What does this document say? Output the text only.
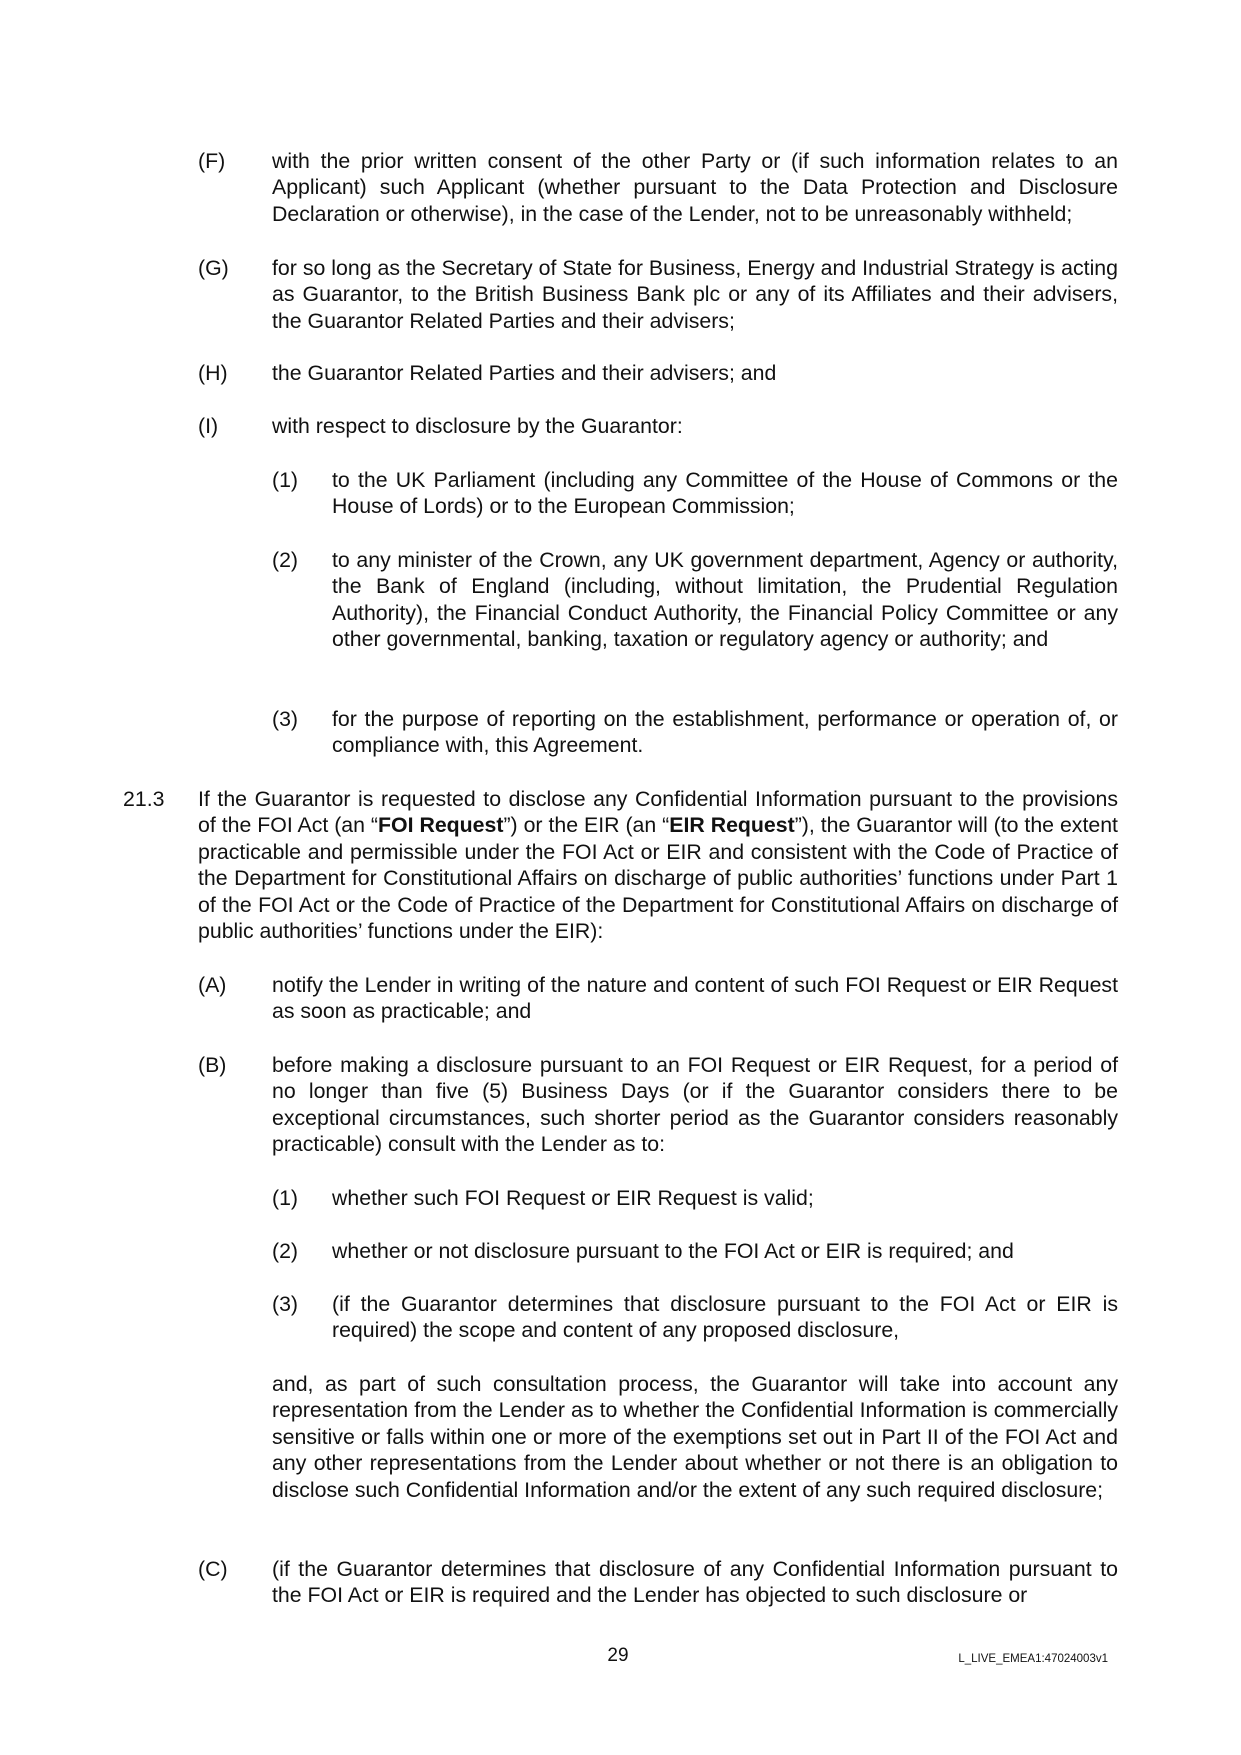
(F) with the prior written consent of the other Party or (if such information relates to an Applicant) such Applicant (whether pursuant to the Data Protection and Disclosure Declaration or otherwise), in the case of the Lender, not to be unreasonably withheld;
(G) for so long as the Secretary of State for Business, Energy and Industrial Strategy is acting as Guarantor, to the British Business Bank plc or any of its Affiliates and their advisers, the Guarantor Related Parties and their advisers;
(H) the Guarantor Related Parties and their advisers; and
(I)	with respect to disclosure by the Guarantor:
(1) to the UK Parliament (including any Committee of the House of Commons or the House of Lords) or to the European Commission;
(2) to any minister of the Crown, any UK government department, Agency or authority, the Bank of England (including, without limitation, the Prudential Regulation Authority), the Financial Conduct Authority, the Financial Policy Committee or any other governmental, banking, taxation or regulatory agency or authority; and
(3) for the purpose of reporting on the establishment, performance or operation of, or compliance with, this Agreement.
21.3 If the Guarantor is requested to disclose any Confidential Information pursuant to the provisions of the FOI Act (an “FOI Request”) or the EIR (an “EIR Request”), the Guarantor will (to the extent practicable and permissible under the FOI Act or EIR and consistent with the Code of Practice of the Department for Constitutional Affairs on discharge of public authorities’ functions under Part 1 of the FOI Act or the Code of Practice of the Department for Constitutional Affairs on discharge of public authorities’ functions under the EIR):
(A) notify the Lender in writing of the nature and content of such FOI Request or EIR Request as soon as practicable; and
(B) before making a disclosure pursuant to an FOI Request or EIR Request, for a period of no longer than five (5) Business Days (or if the Guarantor considers there to be exceptional circumstances, such shorter period as the Guarantor considers reasonably practicable) consult with the Lender as to:
(1) whether such FOI Request or EIR Request is valid;
(2) whether or not disclosure pursuant to the FOI Act or EIR is required; and
(3) (if the Guarantor determines that disclosure pursuant to the FOI Act or EIR is required) the scope and content of any proposed disclosure,
and, as part of such consultation process, the Guarantor will take into account any representation from the Lender as to whether the Confidential Information is commercially sensitive or falls within one or more of the exemptions set out in Part II of the FOI Act and any other representations from the Lender about whether or not there is an obligation to disclose such Confidential Information and/or the extent of any such required disclosure;
(C) (if the Guarantor determines that disclosure of any Confidential Information pursuant to the FOI Act or EIR is required and the Lender has objected to such disclosure or
29	L_LIVE_EMEA1:47024003v1
